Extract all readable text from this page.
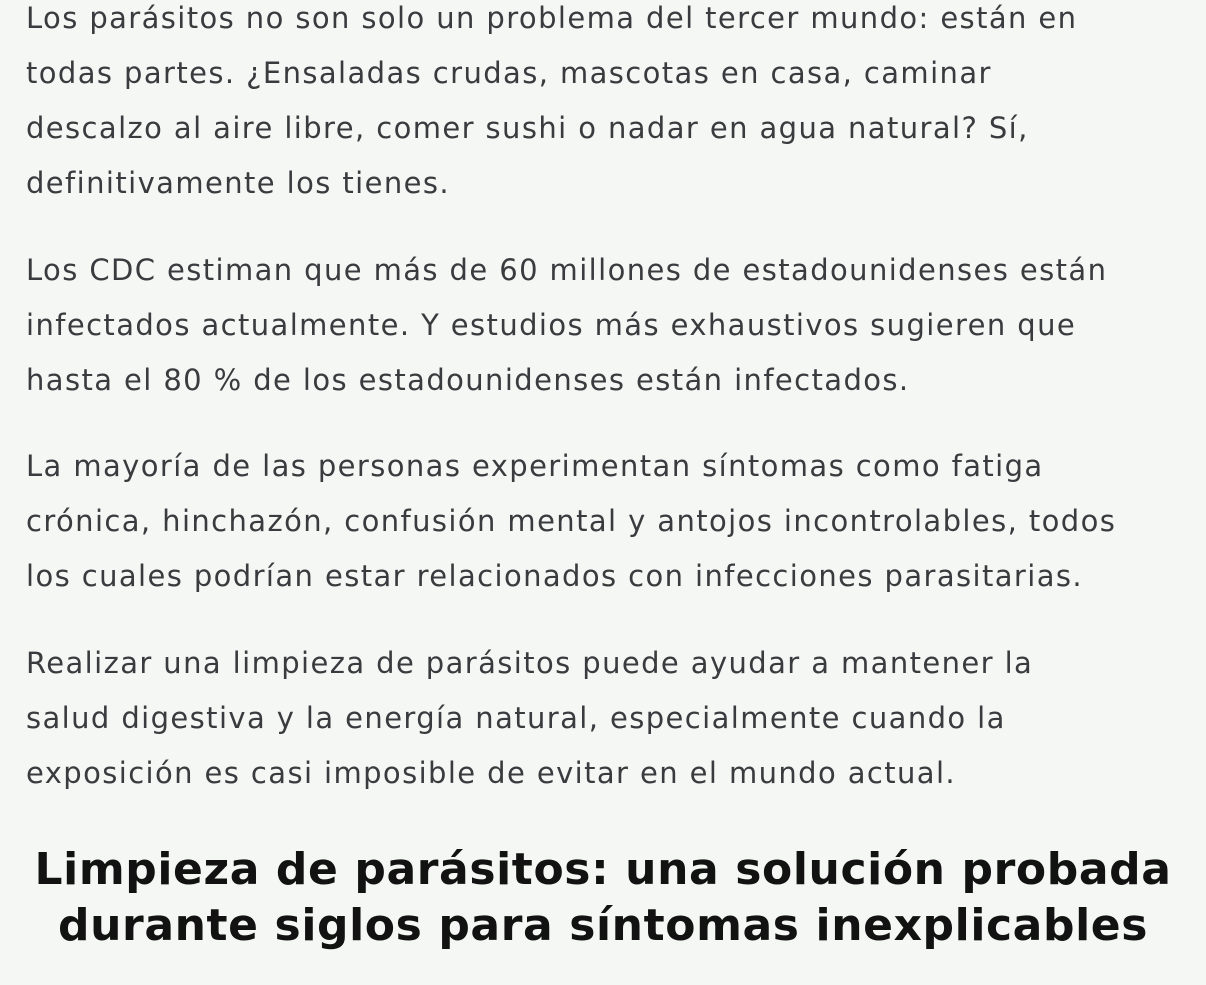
Los parásitos no son solo un problema del tercer mundo: están en
todas partes. ¿Ensaladas crudas, mascotas en casa, caminar
descalzo al aire libre, comer sushi o nadar en agua natural? Sí,
definitivamente los tienes.

Los CDC estiman que más de 60 millones de estadounidenses están
infectados actualmente. Y estudios más exhaustivos sugieren que
hasta el 80 % de los estadounidenses están infectados.

La mayoría de las personas experimentan síntomas como fatiga
crónica, hinchazón, confusión mental y antojos incontrolables, todos
los cuales podrían estar relacionados con infecciones parasitarias.

Realizar una limpieza de parásitos puede ayudar a mantener la
salud digestiva y la energía natural, especialmente cuando la
exposición es casi imposible de evitar en el mundo actual.

Limpieza de parásitos: una solución probada
durante siglos para síntomas inexplicables
